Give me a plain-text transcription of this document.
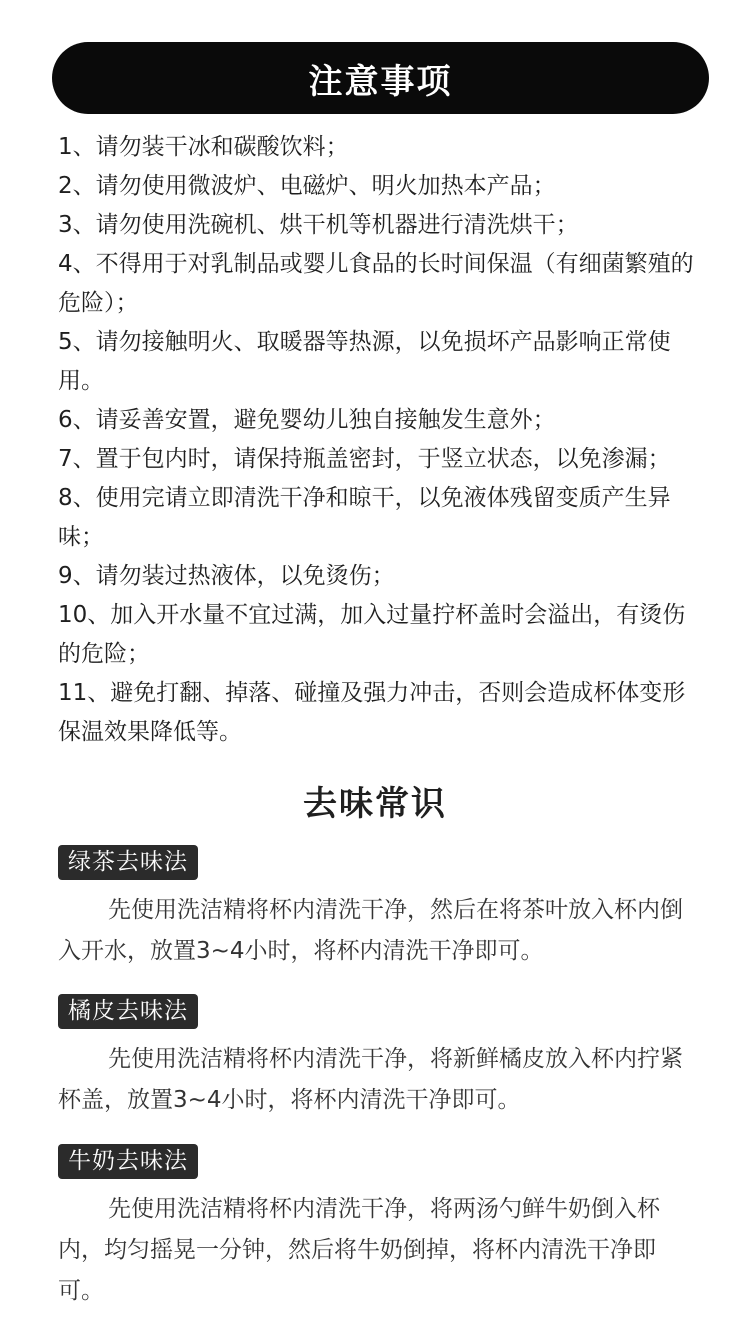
注意事项
1、请勿装干冰和碳酸饮料；
2、请勿使用微波炉、电磁炉、明火加热本产品；
3、请勿使用洗碗机、烘干机等机器进行清洗烘干；
4、不得用于对乳制品或婴儿食品的长时间保温（有细菌繁殖的危险）；
5、请勿接触明火、取暖器等热源，以免损坏产品影响正常使用。
6、请妥善安置，避免婴幼儿独自接触发生意外；
7、置于包内时，请保持瓶盖密封，于竖立状态，以免渗漏；
8、使用完请立即清洗干净和晾干，以免液体残留变质产生异味；
9、请勿装过热液体，以免烫伤；
10、加入开水量不宜过满，加入过量拧杯盖时会溢出，有烫伤的危险；
11、避免打翻、掉落、碰撞及强力冲击，否则会造成杯体变形保温效果降低等。
去味常识
绿茶去味法

先使用洗洁精将杯内清洗干净，然后在将茶叶放入杯内倒入开水，放置3~4小时，将杯内清洗干净即可。

橘皮去味法

先使用洗洁精将杯内清洗干净，将新鲜橘皮放入杯内拧紧杯盖，放置3~4小时，将杯内清洗干净即可。

牛奶去味法

先使用洗洁精将杯内清洗干净，将两汤勺鲜牛奶倒入杯内，均匀摇晃一分钟，然后将牛奶倒掉，将杯内清洗干净即可。
